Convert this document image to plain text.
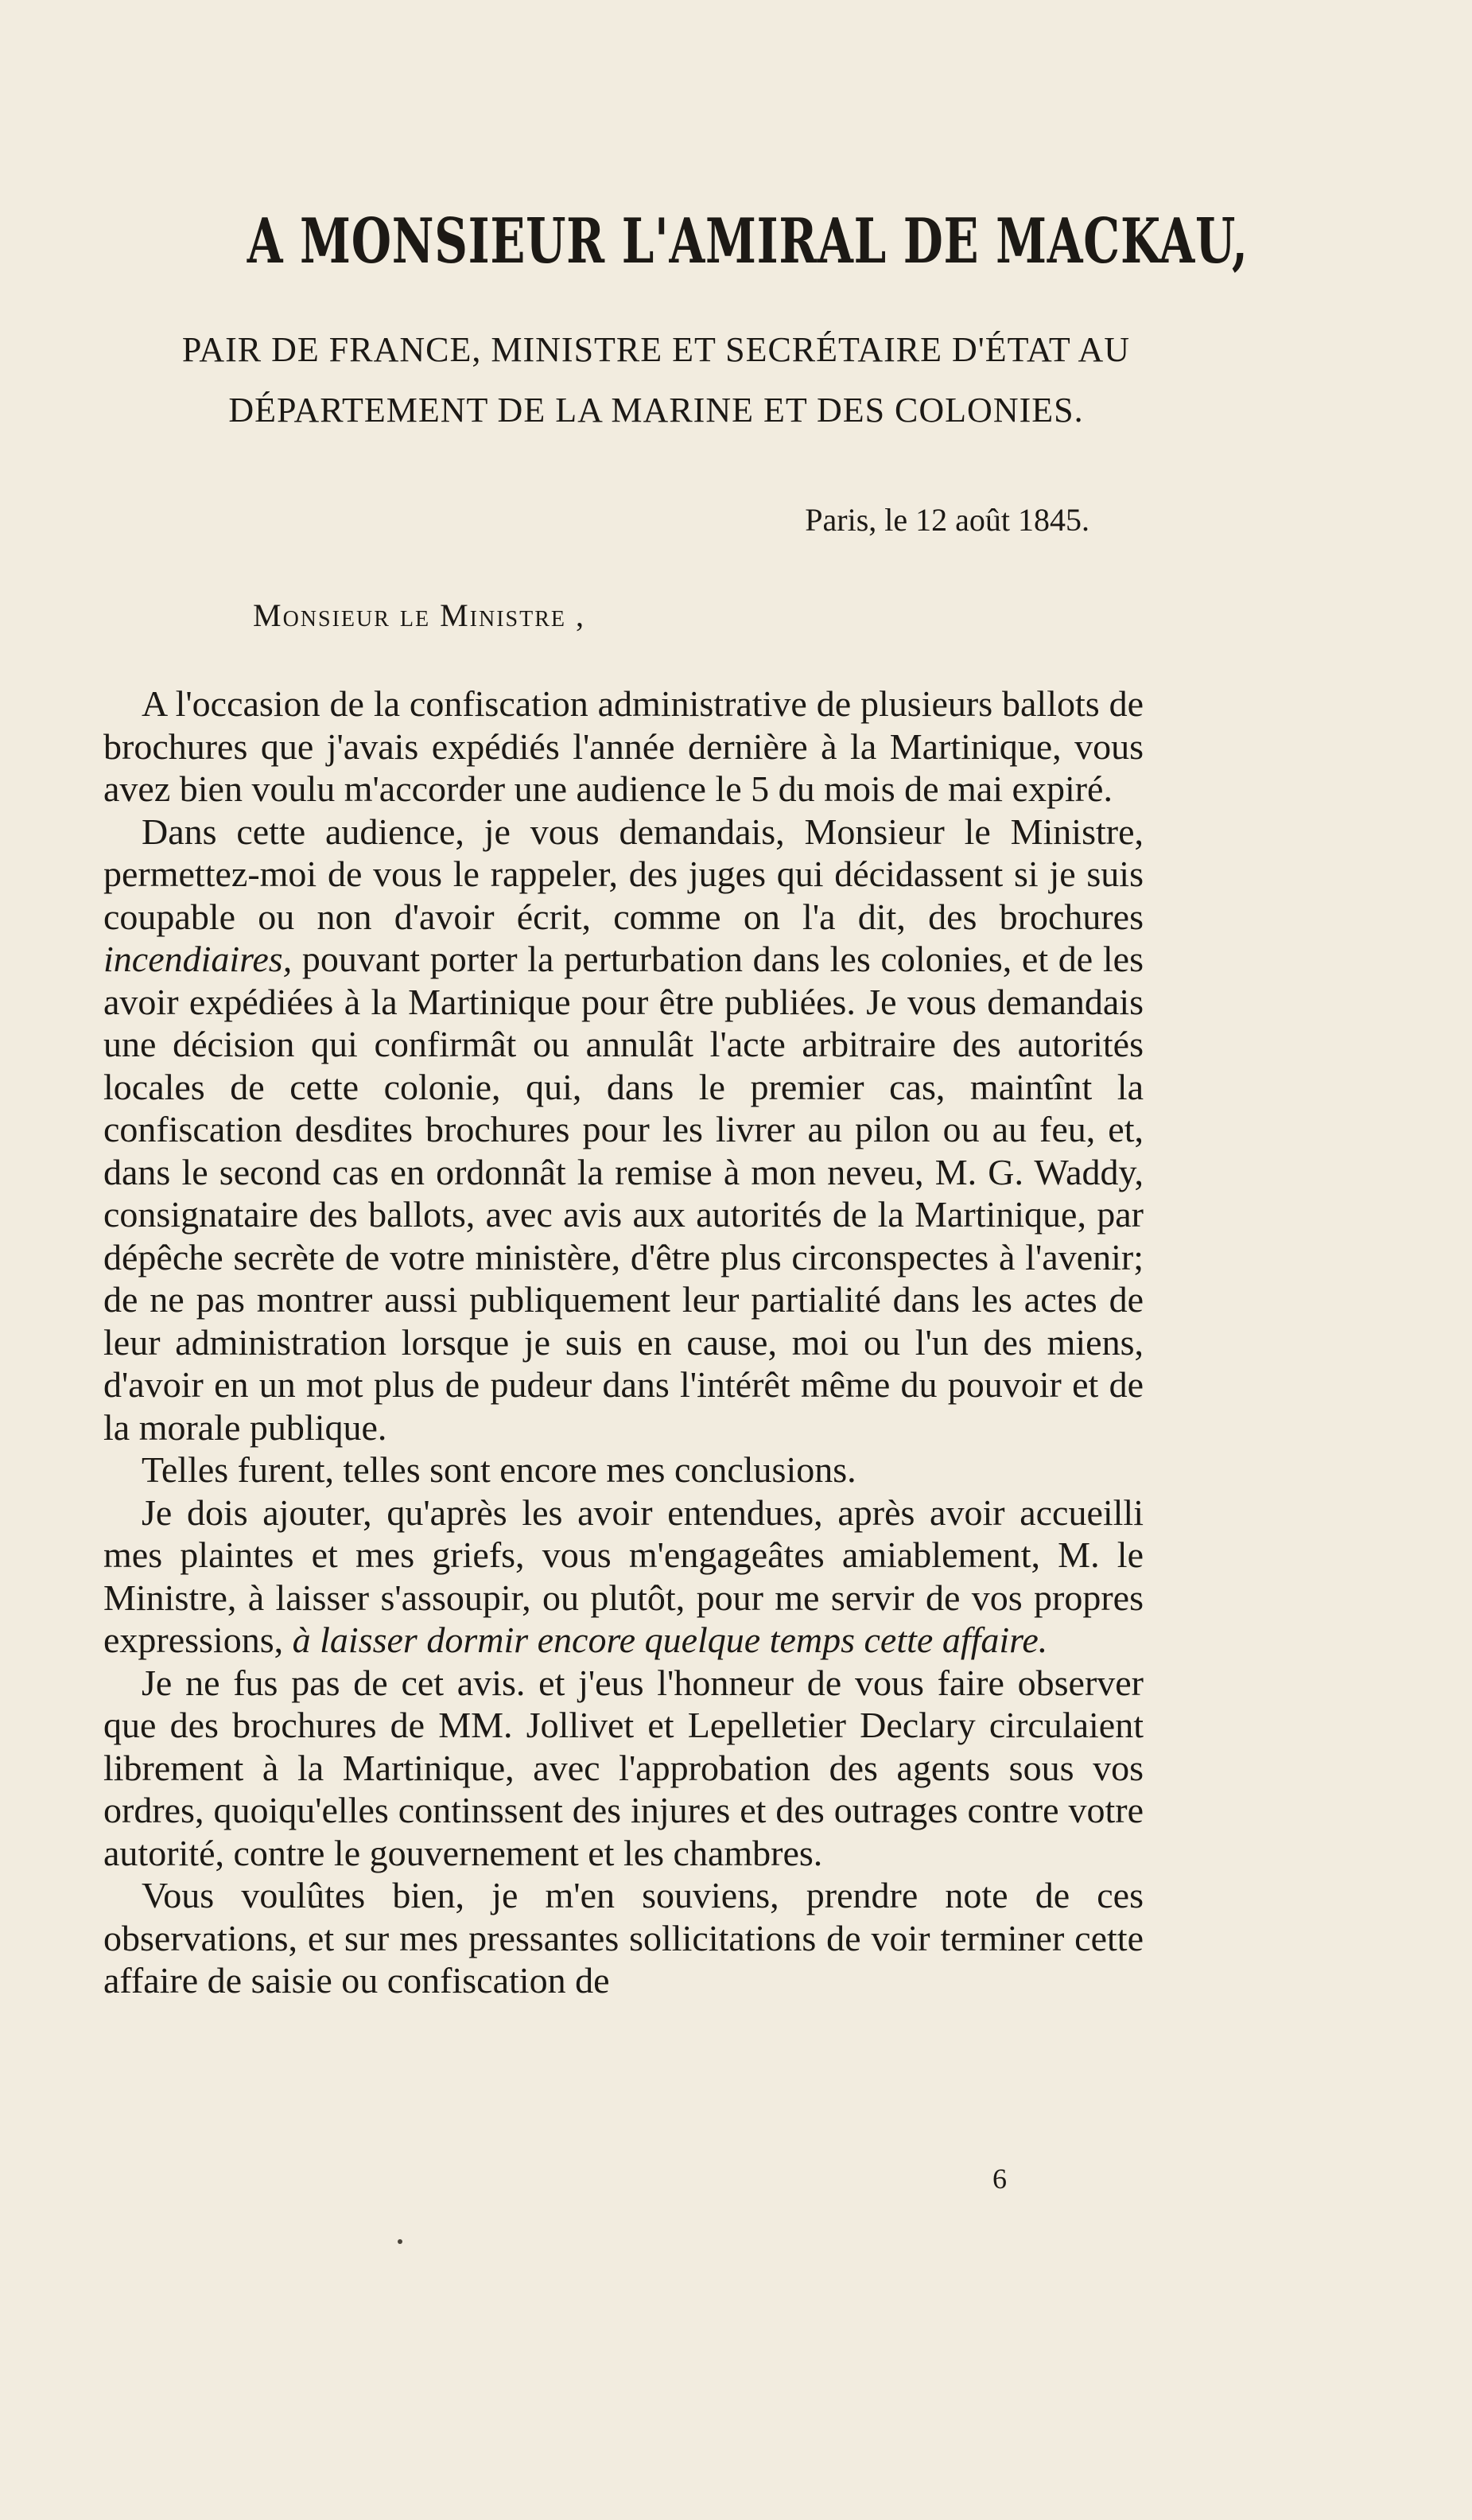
A MONSIEUR L'AMIRAL DE MACKAU,
PAIR DE FRANCE, MINISTRE ET SECRÉTAIRE D'ÉTAT AU
DÉPARTEMENT DE LA MARINE ET DES COLONIES.
Paris, le 12 août 1845.
Monsieur le Ministre ,

A l'occasion de la confiscation administrative de plusieurs ballots de brochures que j'avais expédiés l'année dernière à la Martinique, vous avez bien voulu m'accorder une audience le 5 du mois de mai expiré.

Dans cette audience, je vous demandais, Monsieur le Ministre, permettez-moi de vous le rappeler, des juges qui décidassent si je suis coupable ou non d'avoir écrit, comme on l'a dit, des brochures incendiaires, pouvant porter la perturbation dans les colonies, et de les avoir expédiées à la Martinique pour être publiées. Je vous demandais une décision qui confirmât ou annulât l'acte arbitraire des autorités locales de cette colonie, qui, dans le premier cas, maintînt la confiscation desdites brochures pour les livrer au pilon ou au feu, et, dans le second cas en ordonnât la remise à mon neveu, M. G. Waddy, consignataire des ballots, avec avis aux autorités de la Martinique, par dépêche secrète de votre ministère, d'être plus circonspectes à l'avenir; de ne pas montrer aussi publiquement leur partialité dans les actes de leur administration lorsque je suis en cause, moi ou l'un des miens, d'avoir en un mot plus de pudeur dans l'intérêt même du pouvoir et de la morale publique.

Telles furent, telles sont encore mes conclusions.

Je dois ajouter, qu'après les avoir entendues, après avoir accueilli mes plaintes et mes griefs, vous m'engageâtes amiablement, M. le Ministre, à laisser s'assoupir, ou plutôt, pour me servir de vos propres expressions, à laisser dormir encore quelque temps cette affaire.

Je ne fus pas de cet avis. et j'eus l'honneur de vous faire observer que des brochures de MM. Jollivet et Lepelletier Declary circulaient librement à la Martinique, avec l'approbation des agents sous vos ordres, quoiqu'elles continssent des injures et des outrages contre votre autorité, contre le gouvernement et les chambres.

Vous voulûtes bien, je m'en souviens, prendre note de ces observations, et sur mes pressantes sollicitations de voir terminer cette affaire de saisie ou confiscation de

6
